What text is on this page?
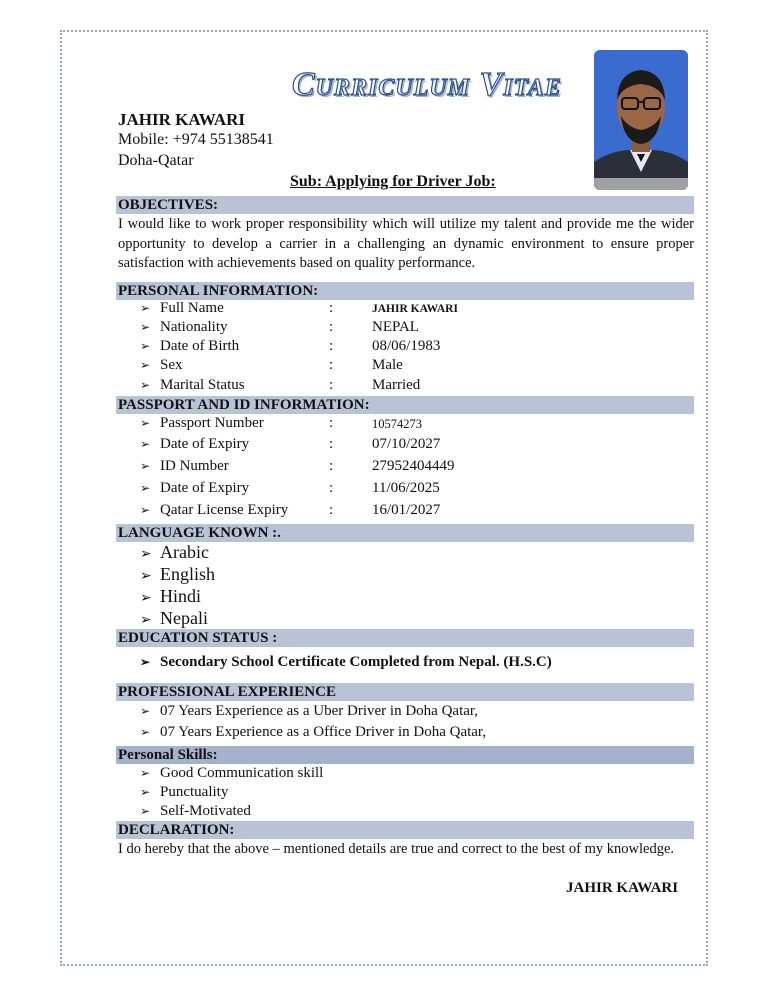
Curriculum Vitae
JAHIR KAWARI
Mobile: +974 55138541
Doha-Qatar
Sub: Applying for Driver Job:
OBJECTIVES:
I would like to work proper responsibility which will utilize my talent and provide me the wider opportunity to develop a carrier in a challenging an dynamic environment to ensure proper satisfaction with achievements based on quality performance.
PERSONAL INFORMATION:
➢ Full Name	:	JAHIR KAWARI
➢ Nationality	:	NEPAL
➢ Date of Birth	:	08/06/1983
➢ Sex	:	Male
➢ Marital Status	:	Married
PASSPORT AND ID INFORMATION:
➢ Passport Number	:	10574273
➢ Date of Expiry	:	07/10/2027
➢ ID Number	:	27952404449
➢ Date of Expiry	:	11/06/2025
➢ Qatar License Expiry	:	16/01/2027
LANGUAGE KNOWN :.
➢ Arabic
➢ English
➢ Hindi
➢ Nepali
EDUCATION STATUS :
➢ Secondary School Certificate Completed from Nepal. (H.S.C)
PROFESSIONAL EXPERIENCE
➢ 07 Years Experience as a Uber Driver in Doha Qatar,
➢ 07 Years Experience as a Office Driver in Doha Qatar,
Personal Skills:
➢ Good Communication skill
➢ Punctuality
➢ Self-Motivated
DECLARATION:
I do hereby that the above – mentioned details are true and correct to the best of my knowledge.
JAHIR KAWARI
